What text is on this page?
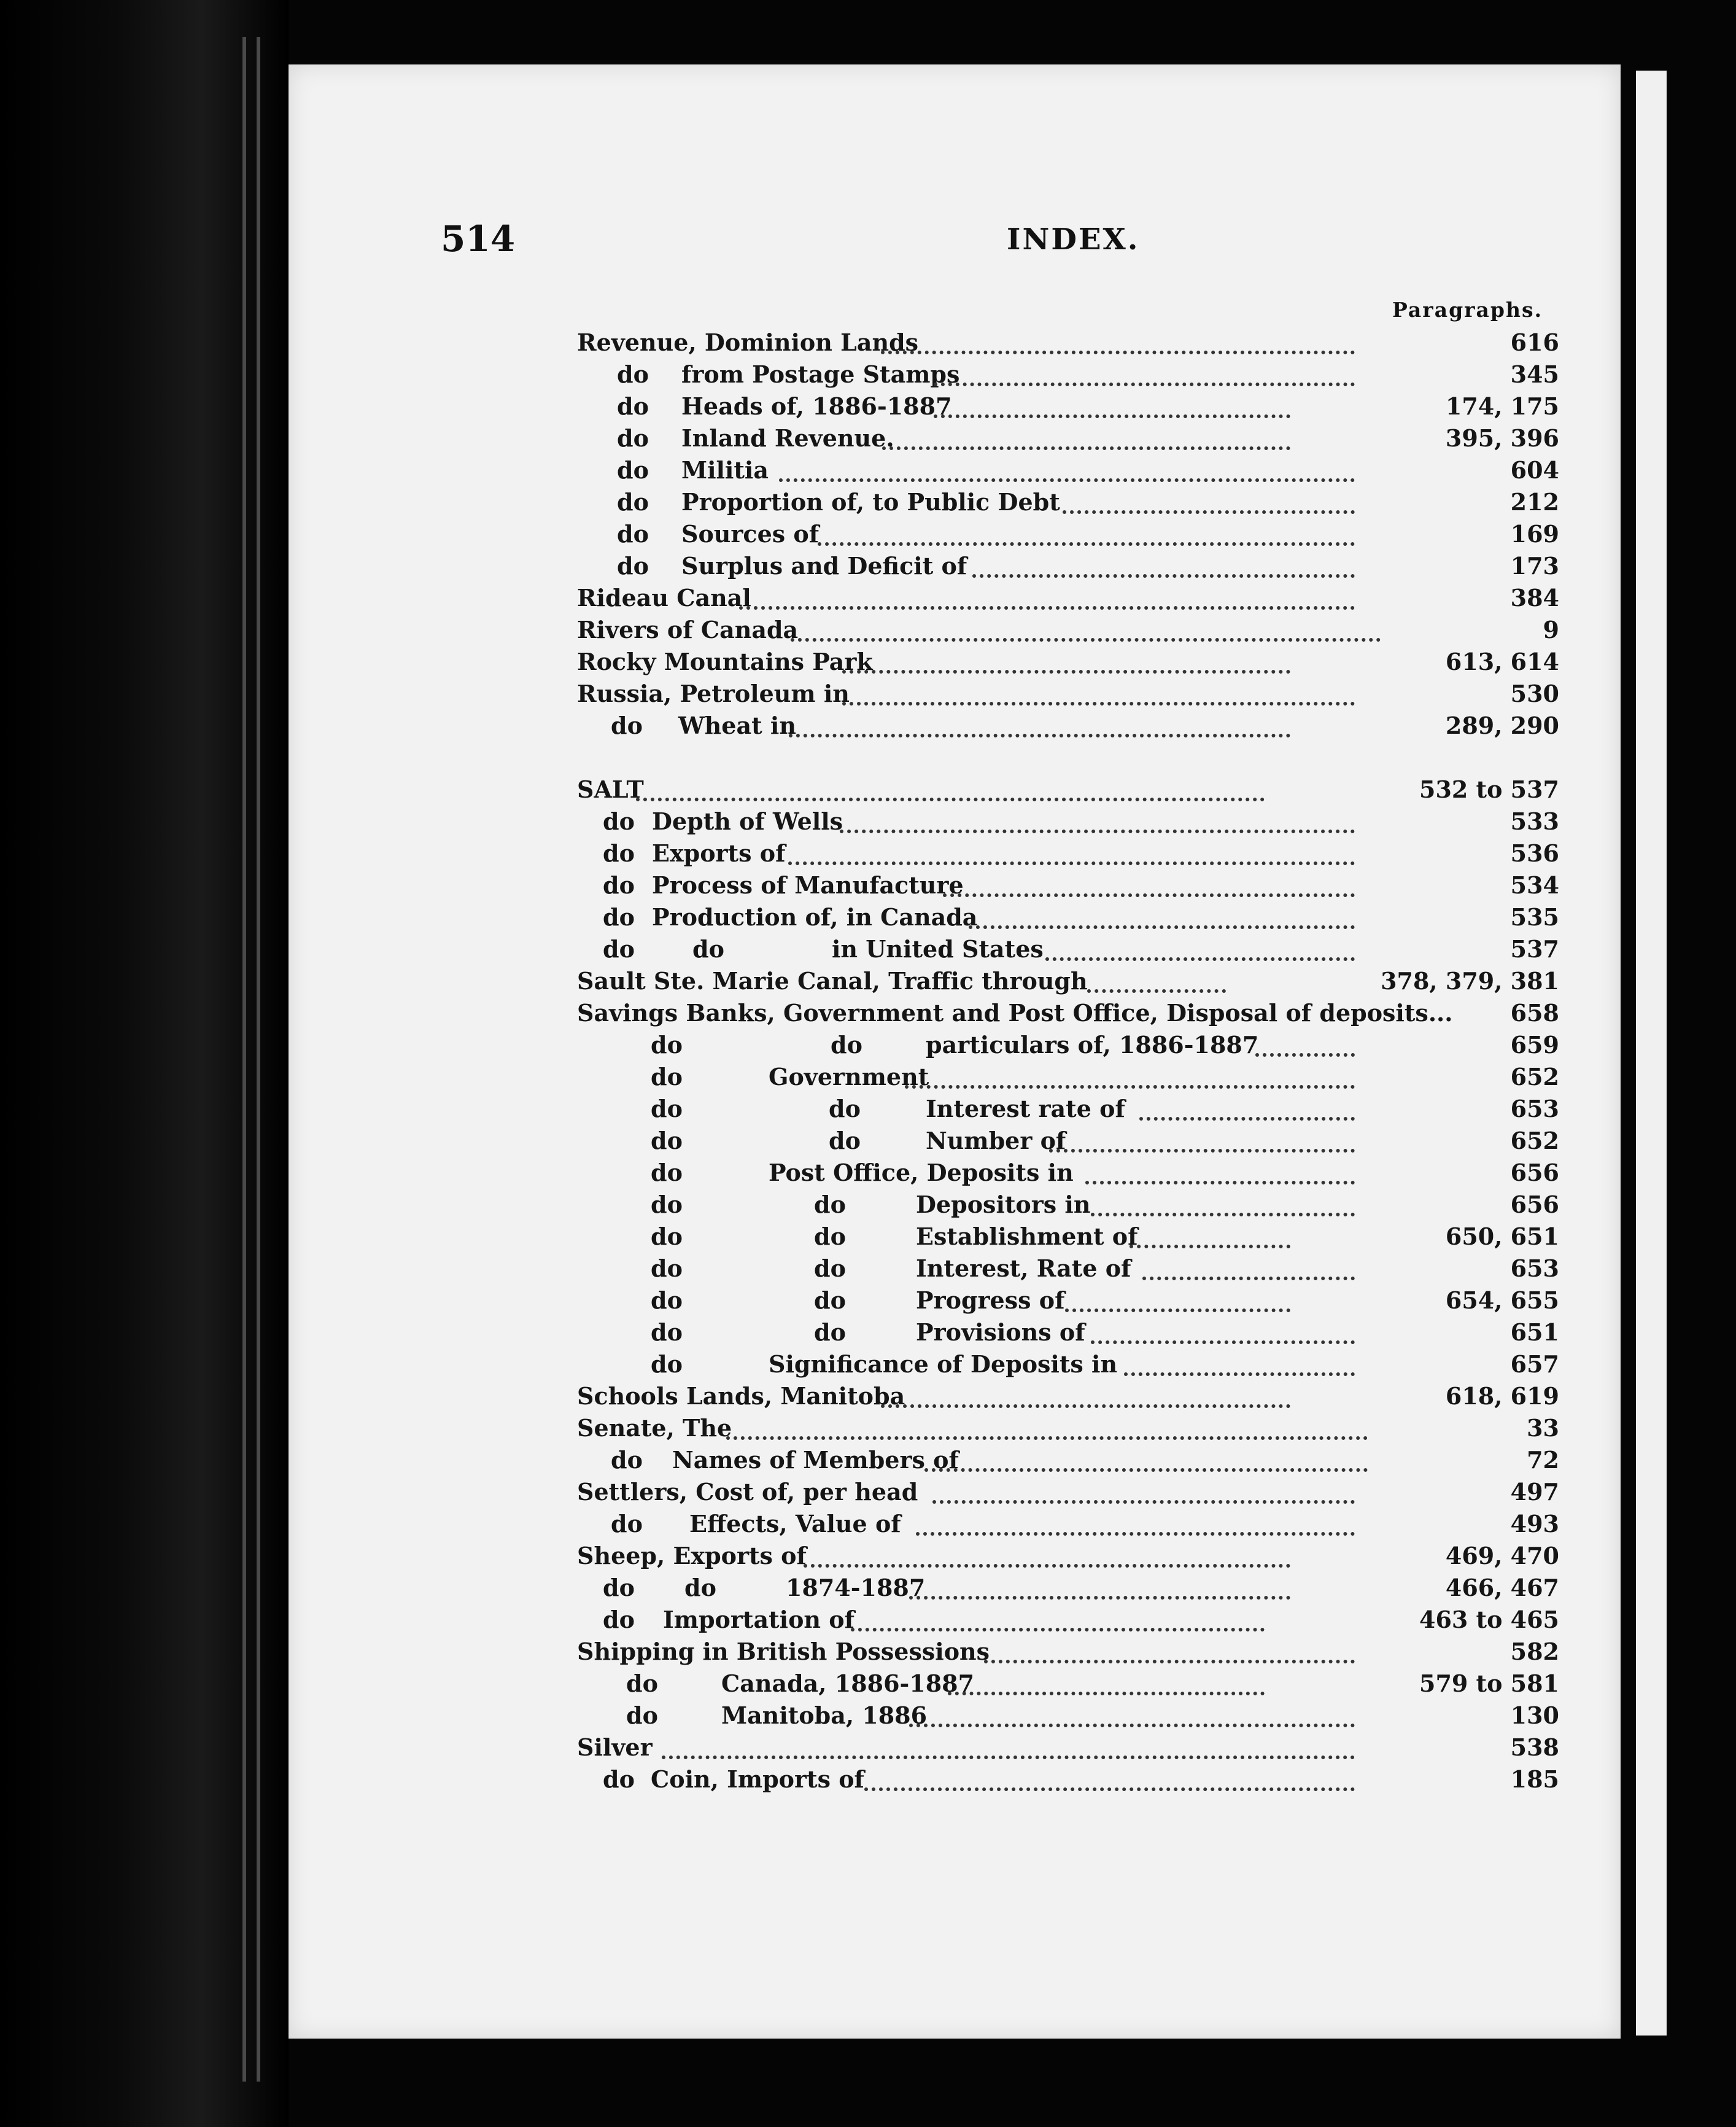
514	INDEX.
Paragraphs.
Revenue, Dominion Lands	616
do from Postage Stamps	345
do Heads of, 1886-1887	174, 175
do Inland Revenue.	395, 396
do Militia	604
do Proportion of, to Public Debt	212
do Sources of	169
do Surplus and Deficit of	173
Rideau Canal	384
Rivers of Canada	9
Rocky Mountains Park	613, 614
Russia, Petroleum in	530
do Wheat in	289, 290
SALT	532 to 537
do Depth of Wells	533
do Exports of	536
do Process of Manufacture	534
do Production of, in Canada	535
do do	in United States	537
Sault Ste. Marie Canal, Traffic through	378, 379, 381
Savings Banks, Government and Post Office, Disposal of deposits... 658
do	do	particulars of, 1886-1887	659
do	Government	652
do	do	Interest rate of	653
do	do	Number of	652
do	Post Office, Deposits in	656
do	do	Depositors in	656
do	do	Establishment of	650, 651
do	do	Interest, Rate of	653
do	do	Progress of	654, 655
do	do	Provisions of	651
do	Significance of Deposits in	657
Schools Lands, Manitoba	618, 619
Senate, The	33
do Names of Members of	72
Settlers, Cost of, per head	497
do Effects, Value of	493
Sheep, Exports of	469, 470
do do	1874-1887	466, 467
do Importation of	463 to 465
Shipping in British Possessions	582
do	Canada, 1886-1887	579 to 581
do	Manitoba, 1886	130
Silver	538
do Coin, Imports of	185
